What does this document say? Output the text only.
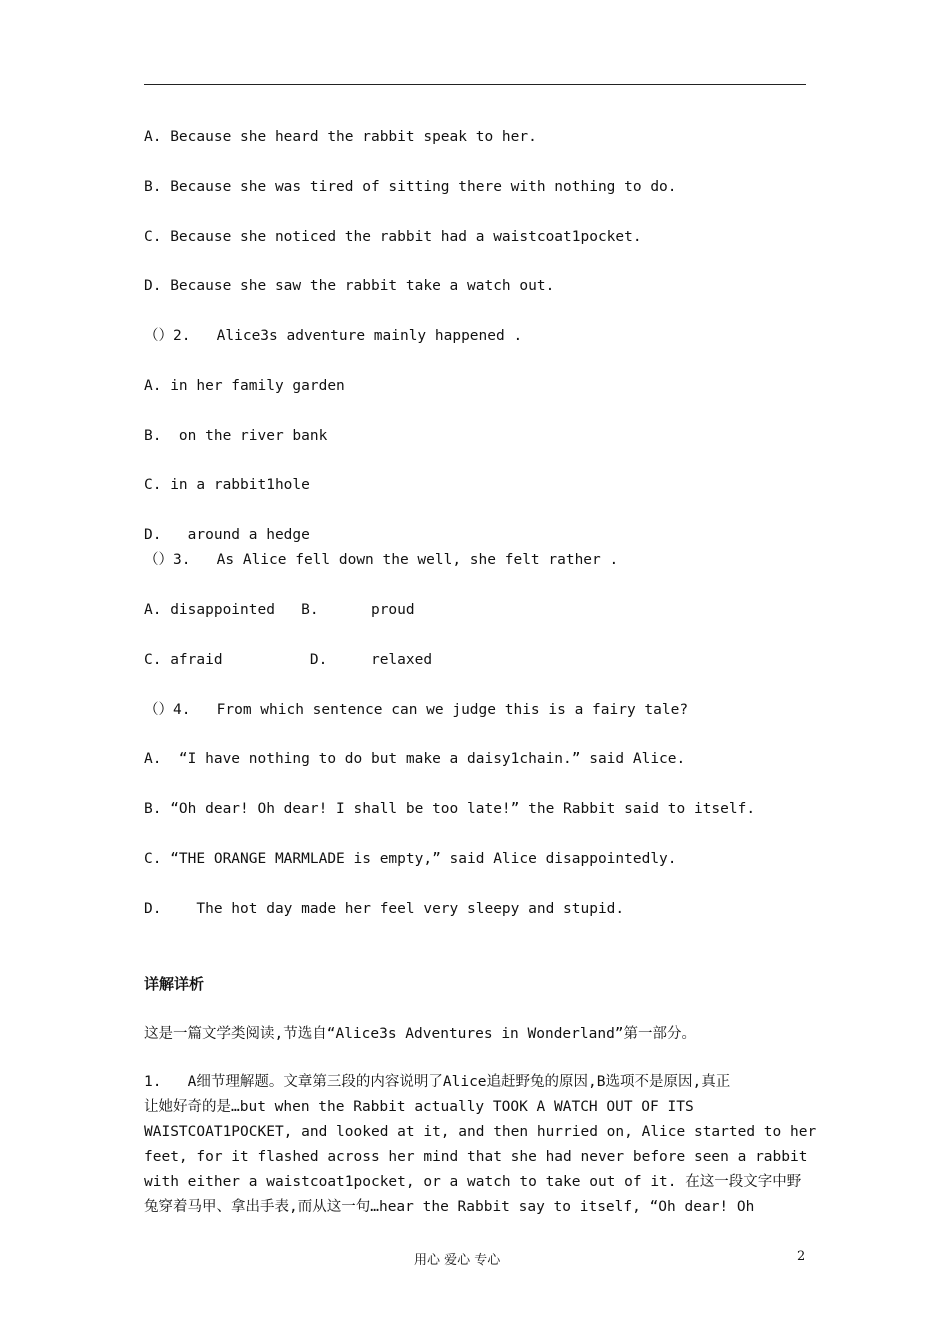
A. Because she heard the rabbit speak to her.
B. Because she was tired of sitting there with nothing to do.
C. Because she noticed the rabbit had a waistcoat1pocket.
D. Because she saw the rabbit take a watch out.
（）2.   Alice3s adventure mainly happened .
A. in her family garden
B.  on the river bank
C. in a rabbit1hole
D.   around a hedge
（）3.   As Alice fell down the well, she felt rather .
A. disappointed   B.      proud
C. afraid          D.     relaxed
（）4.   From which sentence can we judge this is a fairy tale?
A.  “I have nothing to do but make a daisy1chain.” said Alice.
B. “Oh dear! Oh dear! I shall be too late!” the Rabbit said to itself.
C. “THE ORANGE MARMLADE is empty,” said Alice disappointedly.
D.    The hot day made her feel very sleepy and stupid.
详解详析
这是一篇文学类阅读,节选自“Alice3s Adventures in Wonderland”第一部分。
1.   A细节理解题。文章第三段的内容说明了Alice追赶野兔的原因,B选项不是原因,真正
让她好奇的是…but when the Rabbit actually TOOK A WATCH OUT OF ITS
WAISTCOAT1POCKET, and looked at it, and then hurried on, Alice started to her
feet, for it flashed across her mind that she had never before seen a rabbit
with either a waistcoat1pocket, or a watch to take out of it. 在这一段文字中野
兔穿着马甲、拿出手表,而从这一句…hear the Rabbit say to itself, “Oh dear! Oh
用心 爱心 专心	2
